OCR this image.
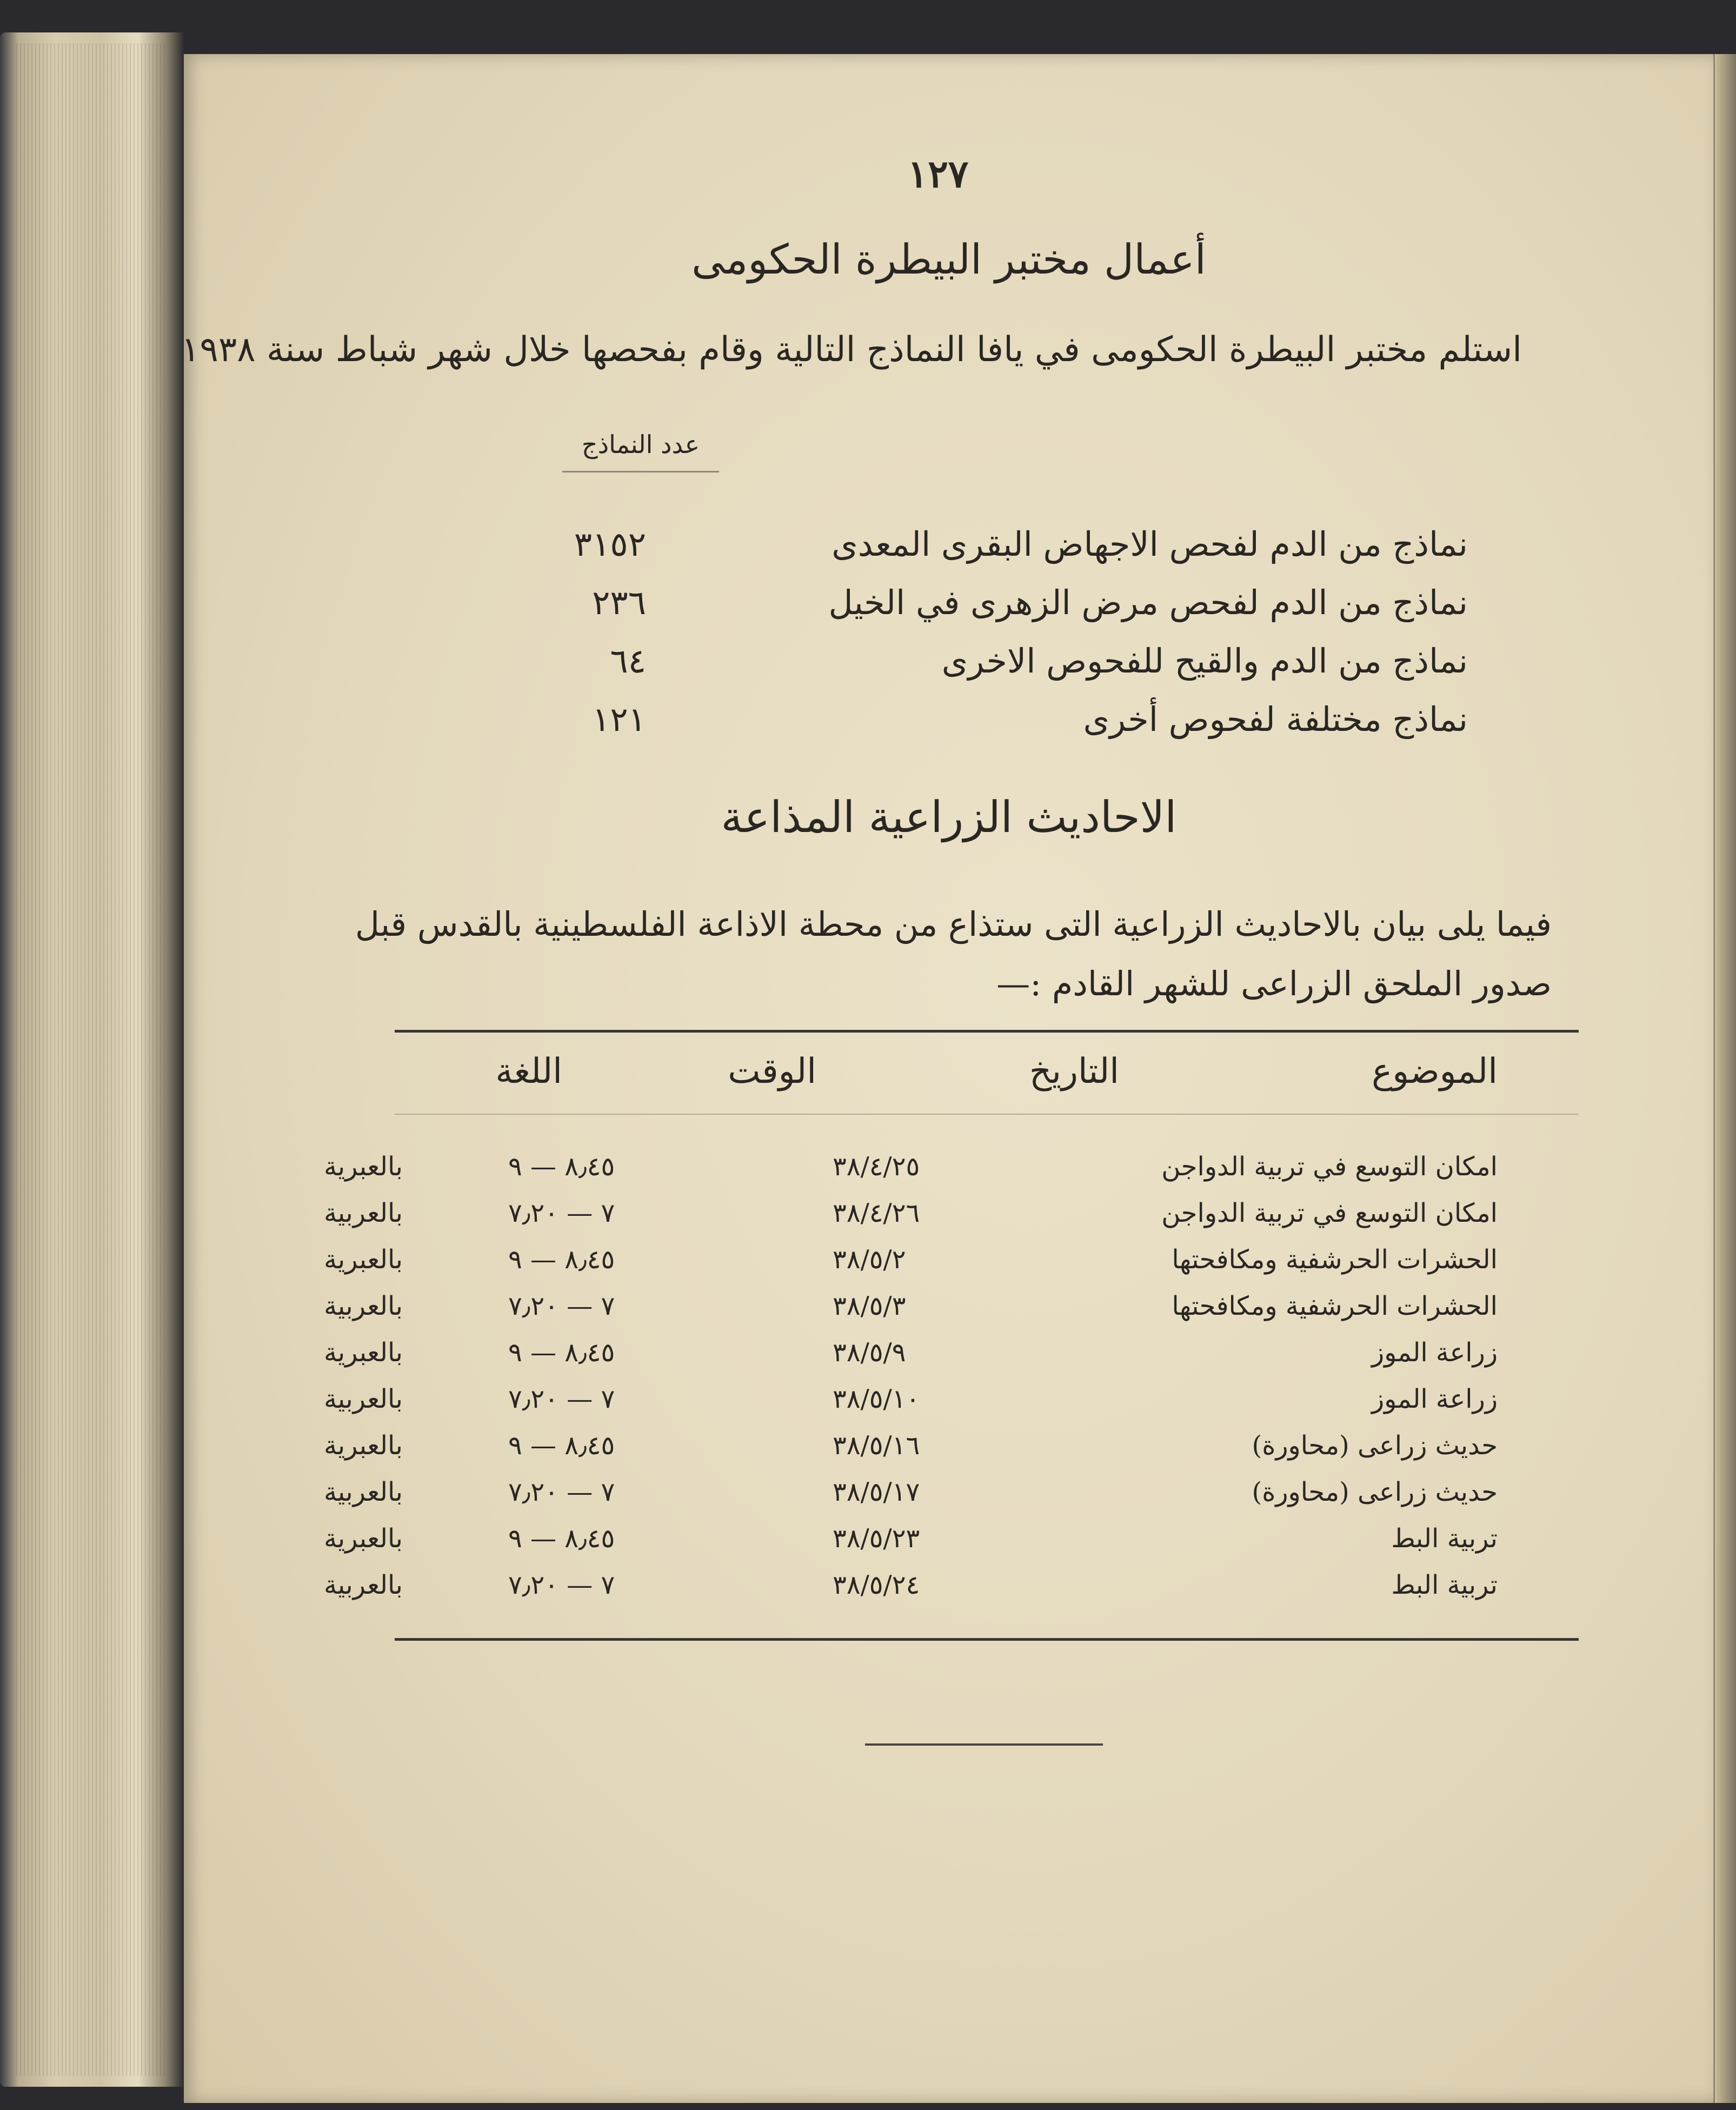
١٢٧
أعمال مختبر البيطرة الحكومى
استلم مختبر البيطرة الحكومى في يافا النماذج التالية وقام بفحصها خلال شهر شباط سنة ١٩٣٨
عدد النماذج
نماذج من الدم لفحص الاجهاض البقرى المعدى
٣١٥٢
نماذج من الدم لفحص مرض الزهرى في الخيل
٢٣٦
نماذج من الدم والقيح للفحوص الاخرى
٦٤
نماذج مختلفة لفحوص أخرى
١٢١
الاحاديث الزراعية المذاعة
فيما يلى بيان بالاحاديث الزراعية التى ستذاع من محطة الاذاعة الفلسطينية بالقدس قبل صدور الملحق الزراعى للشهر القادم :—
الموضوع
التاريخ
الوقت
اللغة
امكان التوسع في تربية الدواجن
٣٨/٤/٢٥
٨٫٤٥ — ٩
بالعبرية
امكان التوسع في تربية الدواجن
٣٨/٤/٢٦
٧ — ٧٫٢٠
بالعربية
الحشرات الحرشفية ومكافحتها
٣٨/٥/٢
٨٫٤٥ — ٩
بالعبرية
الحشرات الحرشفية ومكافحتها
٣٨/٥/٣
٧ — ٧٫٢٠
بالعربية
زراعة الموز
٣٨/٥/٩
٨٫٤٥ — ٩
بالعبرية
زراعة الموز
٣٨/٥/١٠
٧ — ٧٫٢٠
بالعربية
حديث زراعى (محاورة)
٣٨/٥/١٦
٨٫٤٥ — ٩
بالعبرية
حديث زراعى (محاورة)
٣٨/٥/١٧
٧ — ٧٫٢٠
بالعربية
تربية البط
٣٨/٥/٢٣
٨٫٤٥ — ٩
بالعبرية
تربية البط
٣٨/٥/٢٤
٧ — ٧٫٢٠
بالعربية
